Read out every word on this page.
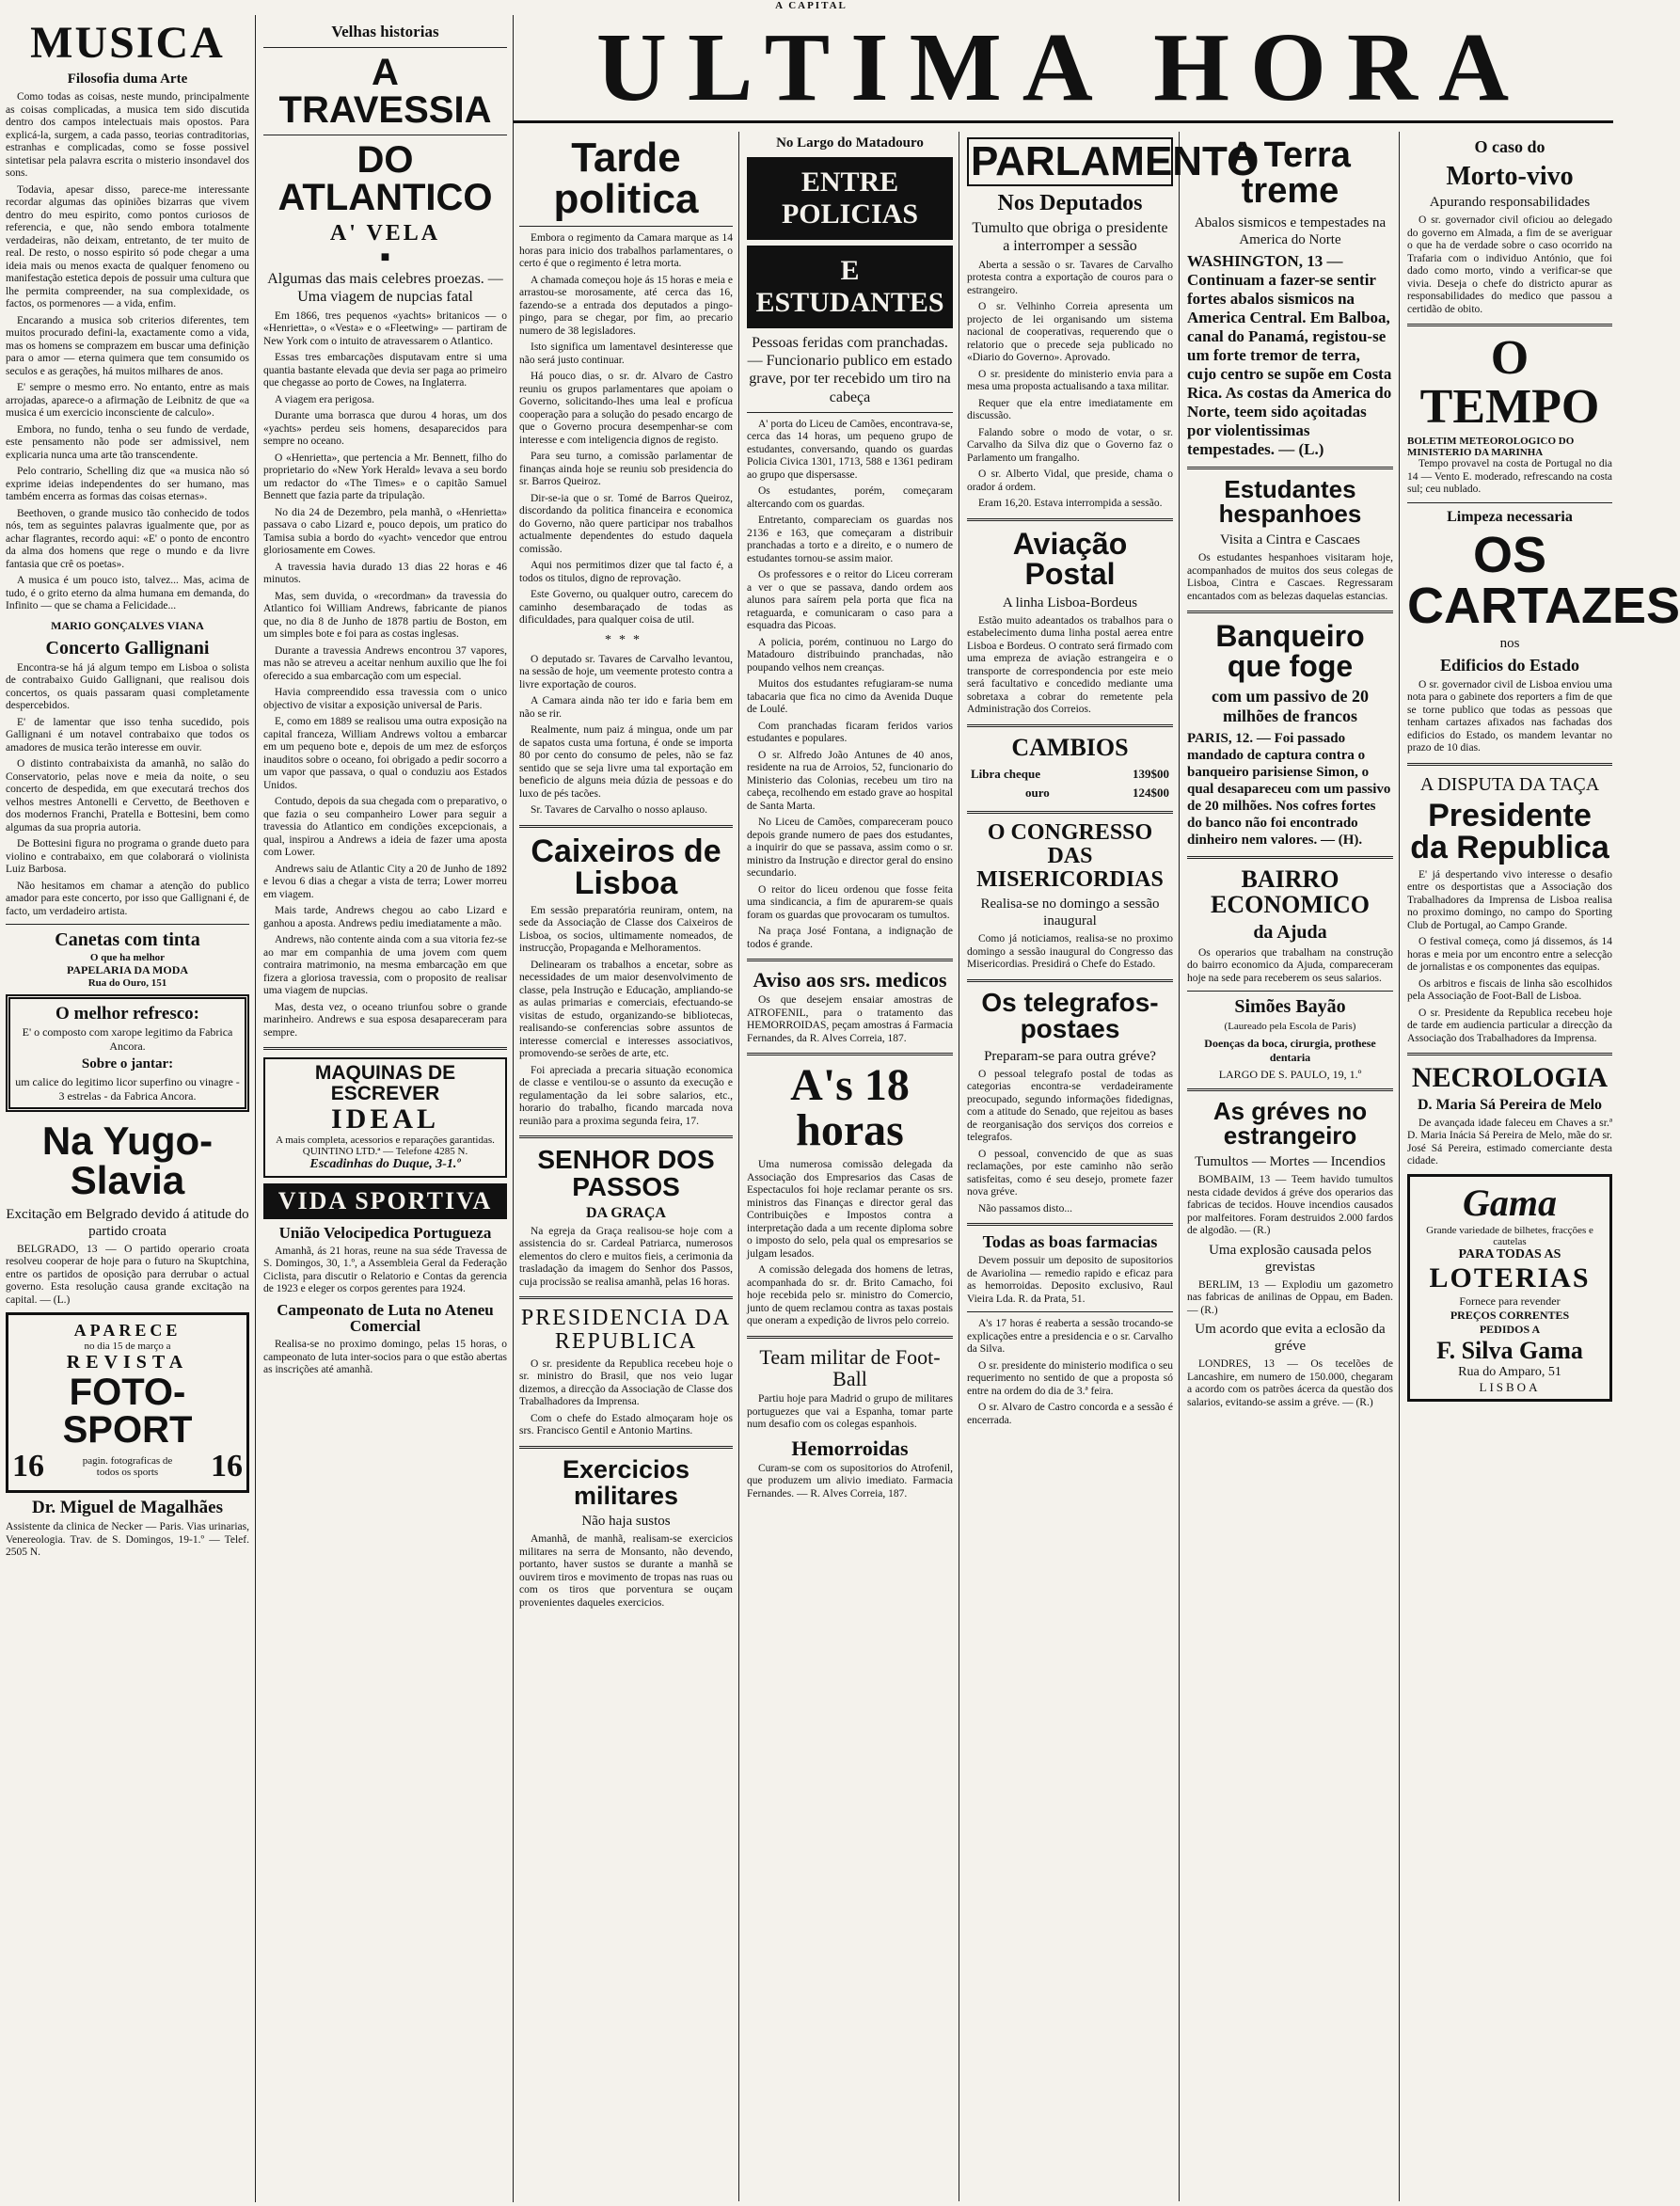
A CAPITAL
ULTIMA HORA
MUSICA
Filosofia duma Arte

Como todas as coisas, neste mundo, principalmente as coisas complicadas, a musica tem sido discutida dentro dos campos intelectuais mais opostos. Para explicá-la, surgem, a cada passo, teorias contraditorias, estranhas e complicadas, como se fosse possivel sintetisar pela palavra escrita o misterio insondavel dos sons.

Todavia, apesar disso, parece-me interessante recordar algumas das opiniões bizarras que vivem dentro do meu espirito, como pontos curiosos de referencia, e que, não sendo embora totalmente verdadeiras, não deixam, entretanto, de ter muito de real. De resto, o nosso espirito só pode chegar a uma ideia mais ou menos exacta de qualquer fenomeno ou manifestação estetica depois de possuir uma cultura que lhe permita compreender, na sua complexidade, os factos, os pormenores — a vida, enfim.

Encarando a musica sob criterios diferentes, tem muitos procurado defini-la, exactamente como a vida, mas os homens se comprazem em buscar uma definição para o amor — eterna quimera que tem consumido os seculos e as gerações, há muitos milhares de anos.

E' sempre o mesmo erro. No entanto, entre as mais arrojadas, aparece-o a afirmação de Leibnitz de que «a musica é um exercicio inconsciente de calculo».

Embora, no fundo, tenha o seu fundo de verdade, este pensamento não pode ser admissivel, nem explicaria nunca uma arte tão transcendente.

Pelo contrario, Schelling diz que «a musica não só exprime ideias independentes do ser humano, mas também encerra as formas das coisas eternas».

Beethoven, o grande musico tão conhecido de todos nós, tem as seguintes palavras igualmente que, por as achar flagrantes, recordo aqui: «E' o ponto de encontro da alma dos homens que rege o mundo e da livre fantasia que crê os poetas».

A musica é um pouco isto, talvez... Mas, acima de tudo, é o grito eterno da alma humana em demanda, do Infinito — que se chama a Felicidade...

MARIO GONÇALVES VIANA
Concerto Gallignani

Encontra-se há já algum tempo em Lisboa o solista de contrabaixo Guido Gallignani, que realisou dois concertos, os quais passaram quasi completamente despercebidos.

E' de lamentar que isso tenha sucedido, pois Gallignani é um notavel contrabaixo que todos os amadores de musica terão interesse em ouvir.

O distinto contrabaixista da amanhã, no salão do Conservatorio, pelas nove e meia da noite, o seu concerto de despedida, em que executará trechos dos velhos mestres Antonelli e Cervetto, de Beethoven e dos modernos Franchi, Pratella e Bottesini, bem como algumas da sua propria autoria.

De Bottesini figura no programa o grande dueto para violino e contrabaixo, em que colaborará o violinista Luiz Barbosa.

Não hesitamos em chamar a atenção do publico amador para este concerto, por isso que Gallignani é, de facto, um verdadeiro artista.

Canetas com tinta
O que ha melhor
PAPELARIA DA MODA
Rua do Ouro, 151
O melhor refresco:
E' o composto com xarope legitimo da Fabrica Ancora.
Sobre o jantar:
um calice do legitimo licor superfino ou vinagre - 3 estrelas - da Fabrica Ancora.
Na Yugo-Slavia
Excitação em Belgrado devido á atitude do partido croata

BELGRADO, 13 — O partido operario croata resolveu cooperar de hoje para o futuro na Skuptchina, entre os partidos de oposição para derrubar o actual governo. Esta resolução causa grande excitação na capital. — (L.)

APARECE
no dia 15 de março a
REVISTA
FOTO-SPORT
16	pagin. fotograficas de todos os sports	16
Dr. Miguel de Magalhães

Assistente da clinica de Necker — Paris. Vias urinarias, Venereologia. Trav. de S. Domingos, 19-1.º — Telef. 2505 N.

Velhas historias
A TRAVESSIA
DO ATLANTICO
A' VELA
■
Algumas das mais celebres proezas. — Uma viagem de nupcias fatal

Em 1866, tres pequenos «yachts» britanicos — o «Henrietta», o «Vesta» e o «Fleetwing» — partiram de New York com o intuito de atravessarem o Atlantico.

Essas tres embarcações disputavam entre si uma quantia bastante elevada que devia ser paga ao primeiro que chegasse ao porto de Cowes, na Inglaterra.

A viagem era perigosa.

Durante uma borrasca que durou 4 horas, um dos «yachts» perdeu seis homens, desaparecidos para sempre no oceano.

O «Henrietta», que pertencia a Mr. Bennett, filho do proprietario do «New York Herald» levava a seu bordo um redactor do «The Times» e o capitão Samuel Bennett que fazia parte da tripulação.

No dia 24 de Dezembro, pela manhã, o «Henrietta» passava o cabo Lizard e, pouco depois, um pratico do Tamisa subia a bordo do «yacht» vencedor que entrou gloriosamente em Cowes.

A travessia havia durado 13 dias 22 horas e 46 minutos.

Mas, sem duvida, o «recordman» da travessia do Atlantico foi William Andrews, fabricante de pianos que, no dia 8 de Junho de 1878 partiu de Boston, em um simples bote e foi para as costas inglesas.

Durante a travessia Andrews encontrou 37 vapores, mas não se atreveu a aceitar nenhum auxilio que lhe foi oferecido a sua embarcação com um especial.

Havia compreendido essa travessia com o unico objectivo de visitar a exposição universal de Paris.

E, como em 1889 se realisou uma outra exposição na capital franceza, William Andrews voltou a embarcar em um pequeno bote e, depois de um mez de esforços inauditos sobre o oceano, foi obrigado a pedir socorro a um vapor que passava, o qual o conduziu aos Estados Unidos.

Contudo, depois da sua chegada com o preparativo, o que fazia o seu companheiro Lower para seguir a travessia do Atlantico em condições excepcionais, a qual, inspirou a Andrews a ideia de fazer uma aposta com Lower.

Andrews saiu de Atlantic City a 20 de Junho de 1892 e levou 6 dias a chegar a vista de terra; Lower morreu em viagem.

Mais tarde, Andrews chegou ao cabo Lizard e ganhou a aposta. Andrews pediu imediatamente a mão.

Andrews, não contente ainda com a sua vitoria fez-se ao mar em companhia de uma jovem com quem contraira matrimonio, na mesma embarcação em que fizera a gloriosa travessia, com o proposito de realisar uma viagem de nupcias.

Mas, desta vez, o oceano triunfou sobre o grande marinheiro. Andrews e sua esposa desapareceram para sempre.

MAQUINAS DE ESCREVER
IDEAL
A mais completa, acessorios e reparações garantidas. QUINTINO LTD.ª — Telefone 4285 N.
Escadinhas do Duque, 3-1.º
VIDA SPORTIVA
União Velocipedica Portugueza

Amanhã, ás 21 horas, reune na sua séde Travessa de S. Domingos, 30, 1.º, a Assembleia Geral da Federação Ciclista, para discutir o Relatorio e Contas da gerencia de 1923 e eleger os corpos gerentes para 1924.

Campeonato de Luta no Ateneu Comercial

Realisa-se no proximo domingo, pelas 15 horas, o campeonato de luta inter-socios para o que estão abertas as inscrições até amanhã.

Tarde politica

Embora o regimento da Camara marque as 14 horas para inicio dos trabalhos parlamentares, o certo é que o regimento é letra morta.

A chamada começou hoje ás 15 horas e meia e arrastou-se morosamente, até cerca das 16, fazendo-se a entrada dos deputados a pingo-pingo, para se chegar, por fim, ao precario numero de 38 legisladores.

Isto significa um lamentavel desinteresse que não será justo continuar.

Há pouco dias, o sr. dr. Alvaro de Castro reuniu os grupos parlamentares que apoiam o Governo, solicitando-lhes uma leal e profícua cooperação para a solução do pesado encargo de que o Governo procura desempenhar-se com interesse e com inteligencia dignos de registo.

Para seu turno, a comissão parlamentar de finanças ainda hoje se reuniu sob presidencia do sr. Barros Queiroz.

Dir-se-ia que o sr. Tomé de Barros Queiroz, discordando da politica financeira e economica do Governo, não quere participar nos trabalhos actualmente dependentes do estudo daquela comissão.

Aqui nos permitimos dizer que tal facto é, a todos os titulos, digno de reprovação.

Este Governo, ou qualquer outro, carecem do caminho desembaraçado de todas as dificuldades, para qualquer coisa de util.

***

O deputado sr. Tavares de Carvalho levantou, na sessão de hoje, um veemente protesto contra a livre exportação de couros.

A Camara ainda não ter ido e faria bem em não se rir.

Realmente, num paiz á mingua, onde um par de sapatos custa uma fortuna, é onde se importa 80 por cento do consumo de peles, não se faz sentido que se seja livre uma tal exportação em beneficio de alguns meia dúzia de pessoas e do luxo de pés tacões.

Sr. Tavares de Carvalho o nosso aplauso.

Caixeiros de Lisboa

Em sessão preparatória reuniram, ontem, na sede da Associação de Classe dos Caixeiros de Lisboa, os socios, ultimamente nomeados, de instrucção, Propaganda e Melhoramentos.

Delinearam os trabalhos a encetar, sobre as necessidades de um maior desenvolvimento de classe, pela Instrução e Educação, ampliando-se as aulas primarias e comerciais, efectuando-se visitas de estudo, organizando-se bibliotecas, realisando-se conferencias sobre assuntos de interesse comercial e interesses associativos, promovendo-se serões de arte, etc.

Foi apreciada a precaria situação economica de classe e ventilou-se o assunto da execução e regulamentação da lei sobre salarios, etc., horario do trabalho, ficando marcada nova reunião para a proxima segunda feira, 17.

SENHOR DOS PASSOS
DA GRAÇA

Na egreja da Graça realisou-se hoje com a assistencia do sr. Cardeal Patriarca, numerosos elementos do clero e muitos fieis, a cerimonia da trasladação da imagem do Senhor dos Passos, cuja procissão se realisa amanhã, pelas 16 horas.

PRESIDENCIA DA REPUBLICA

O sr. presidente da Republica recebeu hoje o sr. ministro do Brasil, que nos veio lugar dizemos, a direcção da Associação de Classe dos Trabalhadores da Imprensa.

Com o chefe do Estado almoçaram hoje os srs. Francisco Gentil e Antonio Martins.

Exercicios militares
Não haja sustos

Amanhã, de manhã, realisam-se exercicios militares na serra de Monsanto, não devendo, portanto, haver sustos se durante a manhã se ouvirem tiros e movimento de tropas nas ruas ou com os tiros que porventura se ouçam provenientes daqueles exercicios.

No Largo do Matadouro
ENTRE POLICIAS
E ESTUDANTES
Pessoas feridas com pranchadas. — Funcionario publico em estado grave, por ter recebido um tiro na cabeça

A' porta do Liceu de Camões, encontrava-se, cerca das 14 horas, um pequeno grupo de estudantes, conversando, quando os guardas Policia Civica 1301, 1713, 588 e 1361 pediram ao grupo que dispersasse.

Os estudantes, porém, começaram altercando com os guardas.

Entretanto, compareciam os guardas nos 2136 e 163, que começaram a distribuir pranchadas a torto e a direito, e o numero de estudantes tornou-se assim maior.

Os professores e o reitor do Liceu correram a ver o que se passava, dando ordem aos alunos para saírem pela porta que fica na retaguarda, e comunicaram o caso para a esquadra das Picoas.

A policia, porém, continuou no Largo do Matadouro distribuindo pranchadas, não poupando velhos nem creanças.

Muitos dos estudantes refugiaram-se numa tabacaria que fica no cimo da Avenida Duque de Loulé.

Com pranchadas ficaram feridos varios estudantes e populares.

O sr. Alfredo João Antunes de 40 anos, residente na rua de Arroios, 52, funcionario do Ministerio das Colonias, recebeu um tiro na cabeça, recolhendo em estado grave ao hospital de Santa Marta.

No Liceu de Camões, compareceram pouco depois grande numero de paes dos estudantes, a inquirir do que se passava, assim como o sr. ministro da Instrução e director geral do ensino secundario.

O reitor do liceu ordenou que fosse feita uma sindicancia, a fim de apurarem-se quais foram os guardas que provocaram os tumultos.

Na praça José Fontana, a indignação de todos é grande.

Aviso aos srs. medicos

Os que desejem ensaiar amostras de ATROFENIL, para o tratamento das HEMORROIDAS, peçam amostras á Farmacia Fernandes, da R. Alves Correia, 187.

A's 18 horas

Uma numerosa comissão delegada da Associação dos Empresarios das Casas de Espectaculos foi hoje reclamar perante os srs. ministros das Finanças e director geral das Contribuições e Impostos contra a interpretação dada a um recente diploma sobre o imposto do selo, pela qual os empresarios se julgam lesados.

A comissão delegada dos homens de letras, acompanhada do sr. dr. Brito Camacho, foi hoje recebida pelo sr. ministro do Comercio, junto de quem reclamou contra as taxas postais que oneram a expedição de livros pelo correio.

Team militar de Foot-Ball

Partiu hoje para Madrid o grupo de militares portuguezes que vai a Espanha, tomar parte num desafio com os colegas espanhois.

Hemorroidas

Curam-se com os supositorios do Atrofenil, que produzem um alivio imediato. Farmacia Fernandes. — R. Alves Correia, 187.

PARLAMENTO
Nos Deputados
Tumulto que obriga o presidente a interromper a sessão

Aberta a sessão o sr. Tavares de Carvalho protesta contra a exportação de couros para o estrangeiro.

O sr. Velhinho Correia apresenta um projecto de lei organisando um sistema nacional de cooperativas, requerendo que o relatorio que o precede seja publicado no «Diario do Governo». Aprovado.

O sr. presidente do ministerio envia para a mesa uma proposta actualisando a taxa militar.

Requer que ela entre imediatamente em discussão.

Falando sobre o modo de votar, o sr. Carvalho da Silva diz que o Governo faz o Parlamento um frangalho.

O sr. Alberto Vidal, que preside, chama o orador á ordem.

Eram 16,20. Estava interrompida a sessão.

Aviação Postal
A linha Lisboa-Bordeus

Estão muito adeantados os trabalhos para o estabelecimento duma linha postal aerea entre Lisboa e Bordeus. O contrato será firmado com uma empreza de aviação estrangeira e o transporte de correspondencia por este meio será facultativo e concedido mediante uma sobretaxa a cobrar do remetente pela Administração dos Correios.

CAMBIOS
Libra cheque	139$00
ouro	124$00
O CONGRESSO DAS MISERICORDIAS
Realisa-se no domingo a sessão inaugural

Como já noticiamos, realisa-se no proximo domingo a sessão inaugural do Congresso das Misericordias. Presidirá o Chefe do Estado.

Os telegrafos-postaes
Preparam-se para outra gréve?

O pessoal telegrafo postal de todas as categorias encontra-se verdadeiramente preocupado, segundo informações fidedignas, com a atitude do Senado, que rejeitou as bases de reorganisação dos serviços dos correios e telegrafos.

O pessoal, convencido de que as suas reclamações, por este caminho não serão satisfeitas, como é seu desejo, promete fazer nova gréve.

Não passamos disto...

Todas as boas farmacias

Devem possuir um deposito de supositorios de Avariolina — remedio rapido e eficaz para as hemorroidas. Deposito exclusivo, Raul Vieira Lda. R. da Prata, 51.

A's 17 horas é reaberta a sessão trocando-se explicações entre a presidencia e o sr. Carvalho da Silva.

O sr. presidente do ministerio modifica o seu requerimento no sentido de que a proposta só entre na ordem do dia de 3.ª feira.

O sr. Alvaro de Castro concorda e a sessão é encerrada.

O caso do
Morto-vivo
Apurando responsabilidades

O sr. governador civil oficiou ao delegado do governo em Almada, a fim de se averiguar o que ha de verdade sobre o caso ocorrido na Trafaria com o individuo António, que foi dado como morto, vindo a verificar-se que vivia. Deseja o chefe do districto apurar as responsabilidades do medico que passou a certidão de obito.

O TEMPO
BOLETIM METEOROLOGICO DO MINISTERIO DA MARINHA

Tempo provavel na costa de Portugal no dia 14 — Vento E. moderado, refrescando na costa sul; ceu nublado.

Limpeza necessaria
OS CARTAZES
nos
Edificios do Estado

O sr. governador civil de Lisboa enviou uma nota para o gabinete dos reporters a fim de que se torne publico que todas as pessoas que tenham cartazes afixados nas fachadas dos edificios do Estado, os mandem levantar no prazo de 10 dias.

A DISPUTA DA TAÇA
Presidente da Republica

E' já despertando vivo interesse o desafio entre os desportistas que a Associação dos Trabalhadores da Imprensa de Lisboa realisa no proximo domingo, no campo do Sporting Club de Portugal, ao Campo Grande.

O festival começa, como já dissemos, ás 14 horas e meia por um encontro entre a selecção de jornalistas e os componentes das equipas.

Os arbitros e fiscais de linha são escolhidos pela Associação de Foot-Ball de Lisboa.

O sr. Presidente da Republica recebeu hoje de tarde em audiencia particular a direcção da Associação dos Trabalhadores da Imprensa.

NECROLOGIA
D. Maria Sá Pereira de Melo

De avançada idade faleceu em Chaves a sr.ª D. Maria Inácia Sá Pereira de Melo, mãe do sr. José Sá Pereira, estimado comerciante desta cidade.

Gama
Grande variedade de bilhetes, fracções e cautelas
PARA TODAS AS
LOTERIAS
Fornece para revender
PREÇOS CORRENTES
PEDIDOS A
F. Silva Gama
Rua do Amparo, 51
LISBOA
A Terra treme
Abalos sismicos e tempestades na America do Norte

WASHINGTON, 13 — Continuam a fazer-se sentir fortes abalos sismicos na America Central. Em Balboa, canal do Panamá, registou-se um forte tremor de terra, cujo centro se supõe em Costa Rica. As costas da America do Norte, teem sido açoitadas por violentissimas tempestades. — (L.)

Estudantes hespanhoes
Visita a Cintra e Cascaes

Os estudantes hespanhoes visitaram hoje, acompanhados de muitos dos seus colegas de Lisboa, Cintra e Cascaes. Regressaram encantados com as belezas daquelas estancias.

Banqueiro que foge
com um passivo de 20 milhões de francos

PARIS, 12. — Foi passado mandado de captura contra o banqueiro parisiense Simon, o qual desapareceu com um passivo de 20 milhões. Nos cofres fortes do banco não foi encontrado dinheiro nem valores. — (H).

BAIRRO ECONOMICO
da Ajuda

Os operarios que trabalham na construção do bairro economico da Ajuda, compareceram hoje na sede para receberem os seus salarios.

Simões Bayão
(Laureado pela Escola de Paris)
Doenças da boca, cirurgia, prothese dentaria
LARGO DE S. PAULO, 19, 1.º
As gréves no estrangeiro
Tumultos — Mortes — Incendios

BOMBAIM, 13 — Teem havido tumultos nesta cidade devidos á gréve dos operarios das fabricas de tecidos. Houve incendios causados por malfeitores. Foram destruidos 2.000 fardos de algodão. — (R.)

Uma explosão causada pelos grevistas

BERLIM, 13 — Explodiu um gazometro nas fabricas de anilinas de Oppau, em Baden. — (R.)

Um acordo que evita a eclosão da gréve

LONDRES, 13 — Os tecelões de Lancashire, em numero de 150.000, chegaram a acordo com os patrões ácerca da questão dos salarios, evitando-se assim a gréve. — (R.)
